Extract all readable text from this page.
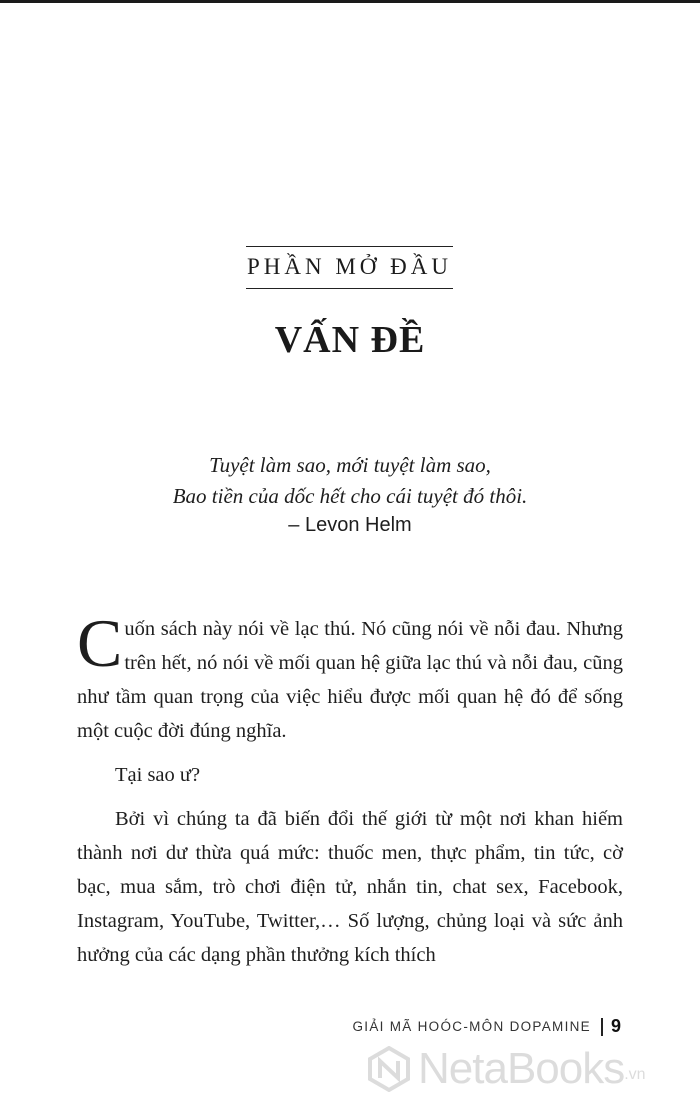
PHẦN MỞ ĐẦU
VẤN ĐỀ
Tuyệt làm sao, mới tuyệt làm sao,
Bao tiền của dốc hết cho cái tuyệt đó thôi.
– Levon Helm

Cuốn sách này nói về lạc thú. Nó cũng nói về nỗi đau. Nhưng trên hết, nó nói về mối quan hệ giữa lạc thú và nỗi đau, cũng như tầm quan trọng của việc hiểu được mối quan hệ đó để sống một cuộc đời đúng nghĩa.

Tại sao ư?

Bởi vì chúng ta đã biến đổi thế giới từ một nơi khan hiếm thành nơi dư thừa quá mức: thuốc men, thực phẩm, tin tức, cờ bạc, mua sắm, trò chơi điện tử, nhắn tin, chat sex, Facebook, Instagram, YouTube, Twitter,… Số lượng, chủng loại và sức ảnh hưởng của các dạng phần thưởng kích thích

GIẢI MÃ HOÓC-MÔN DOPAMINE 9
NetaBooks .vn
